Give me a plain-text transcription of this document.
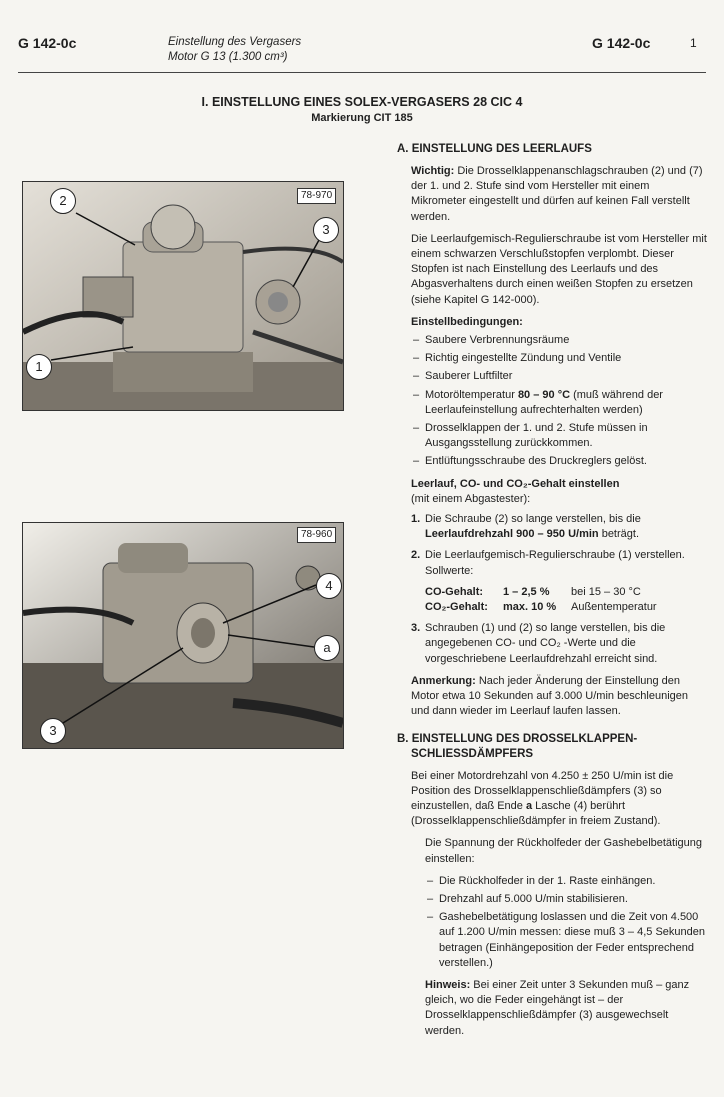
G 142-0c	Einstellung des Vergasers
Motor G 13 (1.300 cm³)
G 142-0c	1
I. EINSTELLUNG EINES SOLEX-VERGASERS 28 CIC 4
Markierung CIT 185
78-970
2
3
1
78-960
4
a
3
A. EINSTELLUNG DES LEERLAUFS

Wichtig: Die Drosselklappenanschlagschrauben (2) und (7) der 1. und 2. Stufe sind vom Hersteller mit einem Mikrometer eingestellt und dürfen auf keinen Fall verstellt werden.

Die Leerlaufgemisch-Regulierschraube ist vom Hersteller mit einem schwarzen Verschlußstopfen verplombt. Dieser Stopfen ist nach Einstellung des Leerlaufs und des Abgasverhaltens durch einen weißen Stopfen zu ersetzen (siehe Kapitel G 142-000).

Einstellbedingungen:

– Saubere Verbrennungsräume
– Richtig eingestellte Zündung und Ventile
– Sauberer Luftfilter
– Motoröltemperatur 80 – 90 °C (muß während der Leerlaufeinstellung aufrechterhalten werden)
– Drosselklappen der 1. und 2. Stufe müssen in Ausgangsstellung zurückkommen.
– Entlüftungsschraube des Druckreglers gelöst.

Leerlauf, CO- und CO₂-Gehalt einstellen
(mit einem Abgastester):

1. Die Schraube (2) so lange verstellen, bis die Leerlaufdrehzahl 900 – 950 U/min beträgt.
2. Die Leerlaufgemisch-Regulierschraube (1) verstellen. Sollwerte:
CO-Gehalt:	1 – 2,5 %	bei 15 – 30 °C
CO₂-Gehalt:	max. 10 %	Außentemperatur
3. Schrauben (1) und (2) so lange verstellen, bis die angegebenen CO- und CO₂ -Werte und die vorgeschriebene Leerlaufdrehzahl erreicht sind.

Anmerkung: Nach jeder Änderung der Einstellung den Motor etwa 10 Sekunden auf 3.000 U/min beschleunigen und dann wieder im Leerlauf laufen lassen.

B. EINSTELLUNG DES DROSSELKLAPPEN-
SCHLIESSDÄMPFERS

Bei einer Motordrehzahl von 4.250 ± 250 U/min ist die Position des Drosselklappenschließdämpfers (3) so einzustellen, daß Ende a Lasche (4) berührt (Drosselklappenschließdämpfer in freiem Zustand).

Die Spannung der Rückholfeder der Gashebelbetätigung einstellen:

– Die Rückholfeder in der 1. Raste einhängen.
– Drehzahl auf 5.000 U/min stabilisieren.
– Gashebelbetätigung loslassen und die Zeit von 4.500 auf 1.200 U/min messen: diese muß 3 – 4,5 Sekunden betragen (Einhängeposition der Feder entsprechend verstellen.)

Hinweis: Bei einer Zeit unter 3 Sekunden muß – ganz gleich, wo die Feder eingehängt ist – der Drosselklappenschließdämpfer (3) ausgewechselt werden.
